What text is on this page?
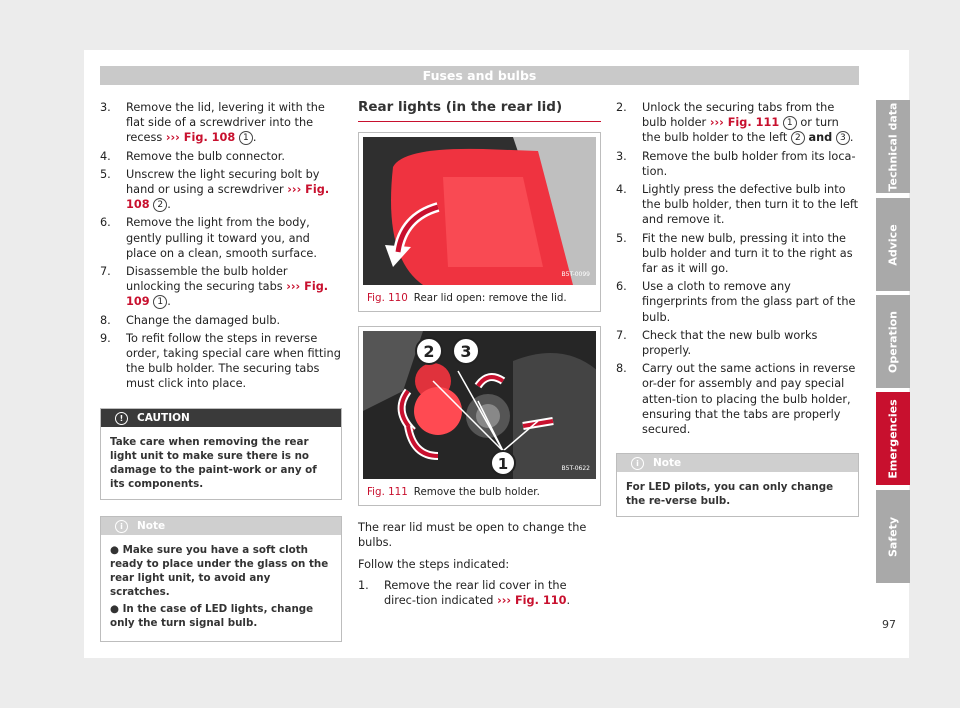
Fuses and bulbs
3. Remove the lid, levering it with the flat side of a screwdriver into the recess ››› Fig. 108 1 .
4. Remove the bulb connector.
5. Unscrew the light securing bolt by hand or using a screwdriver ››› Fig. 108 2 .
6. Remove the light from the body, gently pulling it toward you, and place on a clean, smooth surface.
7. Disassemble the bulb holder unlocking the securing tabs ››› Fig. 109 1 .
8. Change the damaged bulb.
9. To refit follow the steps in reverse order, taking special care when fitting the bulb holder. The securing tabs must click into place.
!	CAUTION
Take care when removing the rear light unit to make sure there is no damage to the paint-work or any of its components.
i	Note
● Make sure you have a soft cloth ready to place under the glass on the rear light unit, to avoid any scratches.
● In the case of LED lights, change only the turn signal bulb.
Rear lights (in the rear lid)
B5T-0099
Fig. 110 Rear lid open: remove the lid.
2 3
1	B5T-0622
Fig. 111 Remove the bulb holder.

The rear lid must be open to change the bulbs.

Follow the steps indicated:

1. Remove the rear lid cover in the direc-tion indicated ››› Fig. 110.
2. Unlock the securing tabs from the bulb holder ››› Fig. 111 1 or turn the bulb holder to the left 2 and 3 .
3. Remove the bulb holder from its loca-tion.
4. Lightly press the defective bulb into the bulb holder, then turn it to the left and remove it.
5. Fit the new bulb, pressing it into the bulb holder and turn it to the right as far as it will go.
6. Use a cloth to remove any fingerprints from the glass part of the bulb.
7. Check that the new bulb works properly.
8. Carry out the same actions in reverse or-der for assembly and pay special atten-tion to placing the bulb holder, ensuring that the tabs are properly secured.
i	Note
For LED pilots, you can only change the re-verse bulb.
Technical data
Advice
Operation
Emergencies
Safety
97
